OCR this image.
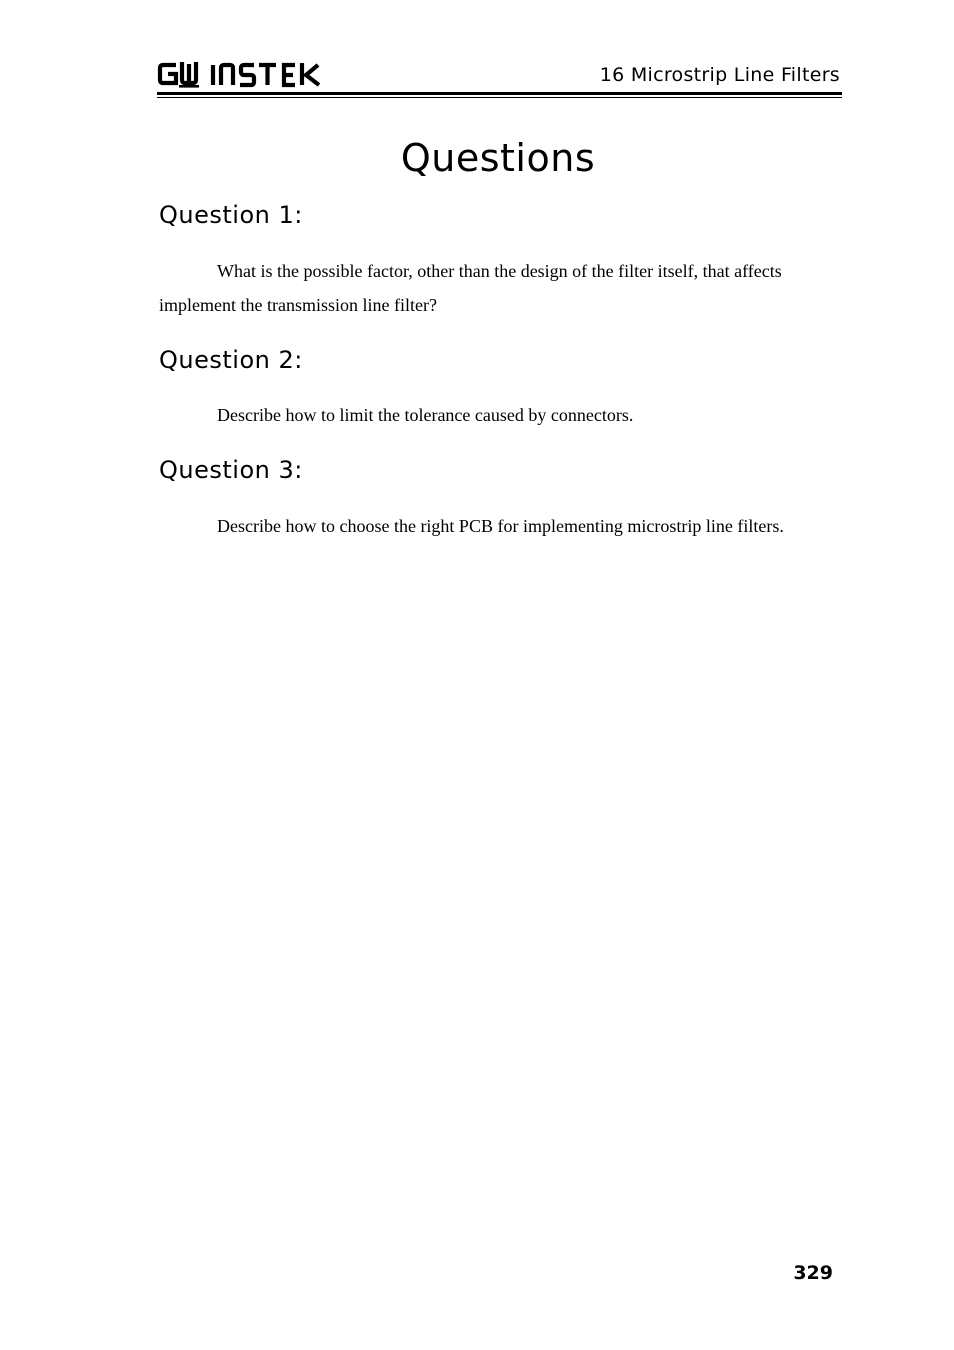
16 Microstrip Line Filters
Questions
Question 1:

What is the possible factor, other than the design of the filter itself, that affects implement the transmission line filter?

Question 2:

Describe how to limit the tolerance caused by connectors.

Question 3:

Describe how to choose the right PCB for implementing microstrip line filters.

329
